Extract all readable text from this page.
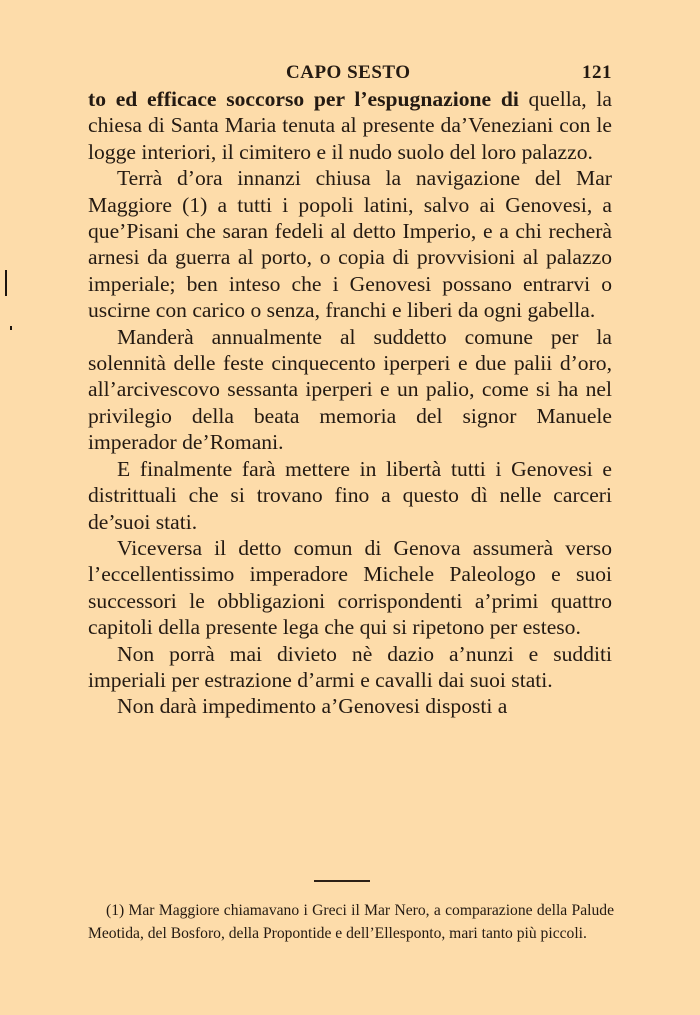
CAPO SESTO	121

to ed efficace soccorso per l’espugnazione di quella, la chiesa di Santa Maria tenuta al presente da’Veneziani con le logge interiori, il cimitero e il nudo suolo del loro palazzo.

Terrà d’ora innanzi chiusa la navigazione del Mar Maggiore (1) a tutti i popoli latini, salvo ai Genovesi, a que’Pisani che saran fedeli al detto Imperio, e a chi recherà arnesi da guerra al porto, o copia di provvisioni al palazzo imperiale; ben inteso che i Genovesi possano entrarvi o uscirne con carico o senza, franchi e liberi da ogni gabella.

Manderà annualmente al suddetto comune per la solennità delle feste cinquecento iperperi e due palii d’oro, all’arcivescovo sessanta iperperi e un palio, come si ha nel privilegio della beata memoria del signor Manuele imperador de’Romani.

E finalmente farà mettere in libertà tutti i Genovesi e distrittuali che si trovano fino a questo dì nelle carceri de’suoi stati.

Viceversa il detto comun di Genova assumerà verso l’eccellentissimo imperadore Michele Paleologo e suoi successori le obbligazioni corrispondenti a’primi quattro capitoli della presente lega che qui si ripetono per esteso.

Non porrà mai divieto nè dazio a’nunzi e sudditi imperiali per estrazione d’armi e cavalli dai suoi stati.

Non darà impedimento a’Genovesi disposti a

(1) Mar Maggiore chiamavano i Greci il Mar Nero, a comparazione della Palude Meotida, del Bosforo, della Propontide e dell’Ellesponto, mari tanto più piccoli.
